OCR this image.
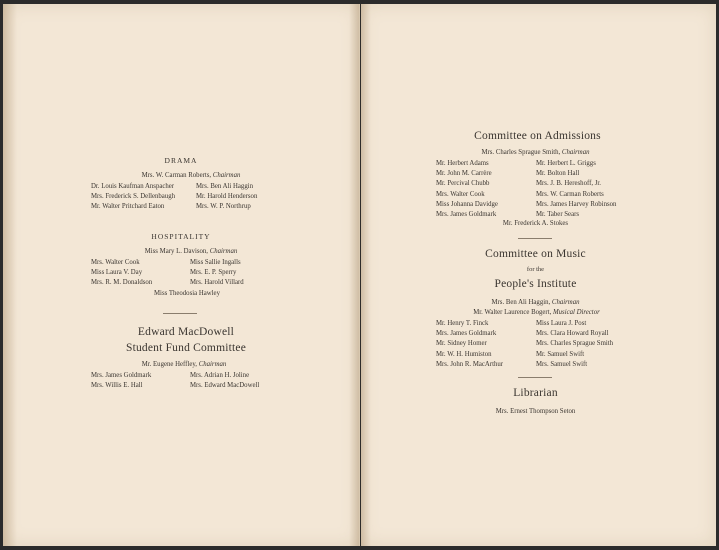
DRAMA
Mrs. W. Carman Roberts, Chairman
Dr. Louis Kaufman Anspacher
Mrs. Frederick S. Dellenbaugh
Mr. Walter Pritchard Eaton
Mrs. Ben Ali Haggin
Mr. Harold Henderson
Mrs. W. P. Northrup
HOSPITALITY
Miss Mary L. Davison, Chairman
Mrs. Walter Cook
Miss Laura V. Day
Mrs. R. M. Donaldson
Miss Sallie Ingalls
Mrs. E. P. Sperry
Mrs. Harold Villard
Miss Theodosia Hawley
Edward MacDowell
Student Fund Committee
Mr. Eugene Heffley, Chairman
Mrs. James Goldmark
Mrs. Willis E. Hall
Mrs. Adrian H. Joline
Mrs. Edward MacDowell
Committee on Admissions
Mrs. Charles Sprague Smith, Chairman
Mr. Herbert Adams
Mr. John M. Carrère
Mr. Percival Chubb
Mrs. Walter Cook
Miss Johanna Davidge
Mrs. James Goldmark
Mr. Herbert L. Griggs
Mr. Bolton Hall
Mrs. J. B. Hereshoff, Jr.
Mrs. W. Carman Roberts
Mrs. James Harvey Robinson
Mr. Taber Sears
Mr. Frederick A. Stokes
Committee on Music
for the
People's Institute
Mrs. Ben Ali Haggin, Chairman
Mr. Walter Laurence Bogert, Musical Director
Mr. Henry T. Finck
Mrs. James Goldmark
Mr. Sidney Homer
Mr. W. H. Humiston
Mrs. John R. MacArthur
Miss Laura J. Post
Mrs. Clara Howard Royall
Mrs. Charles Sprague Smith
Mr. Samuel Swift
Mrs. Samuel Swift
Librarian
Mrs. Ernest Thompson Seton
